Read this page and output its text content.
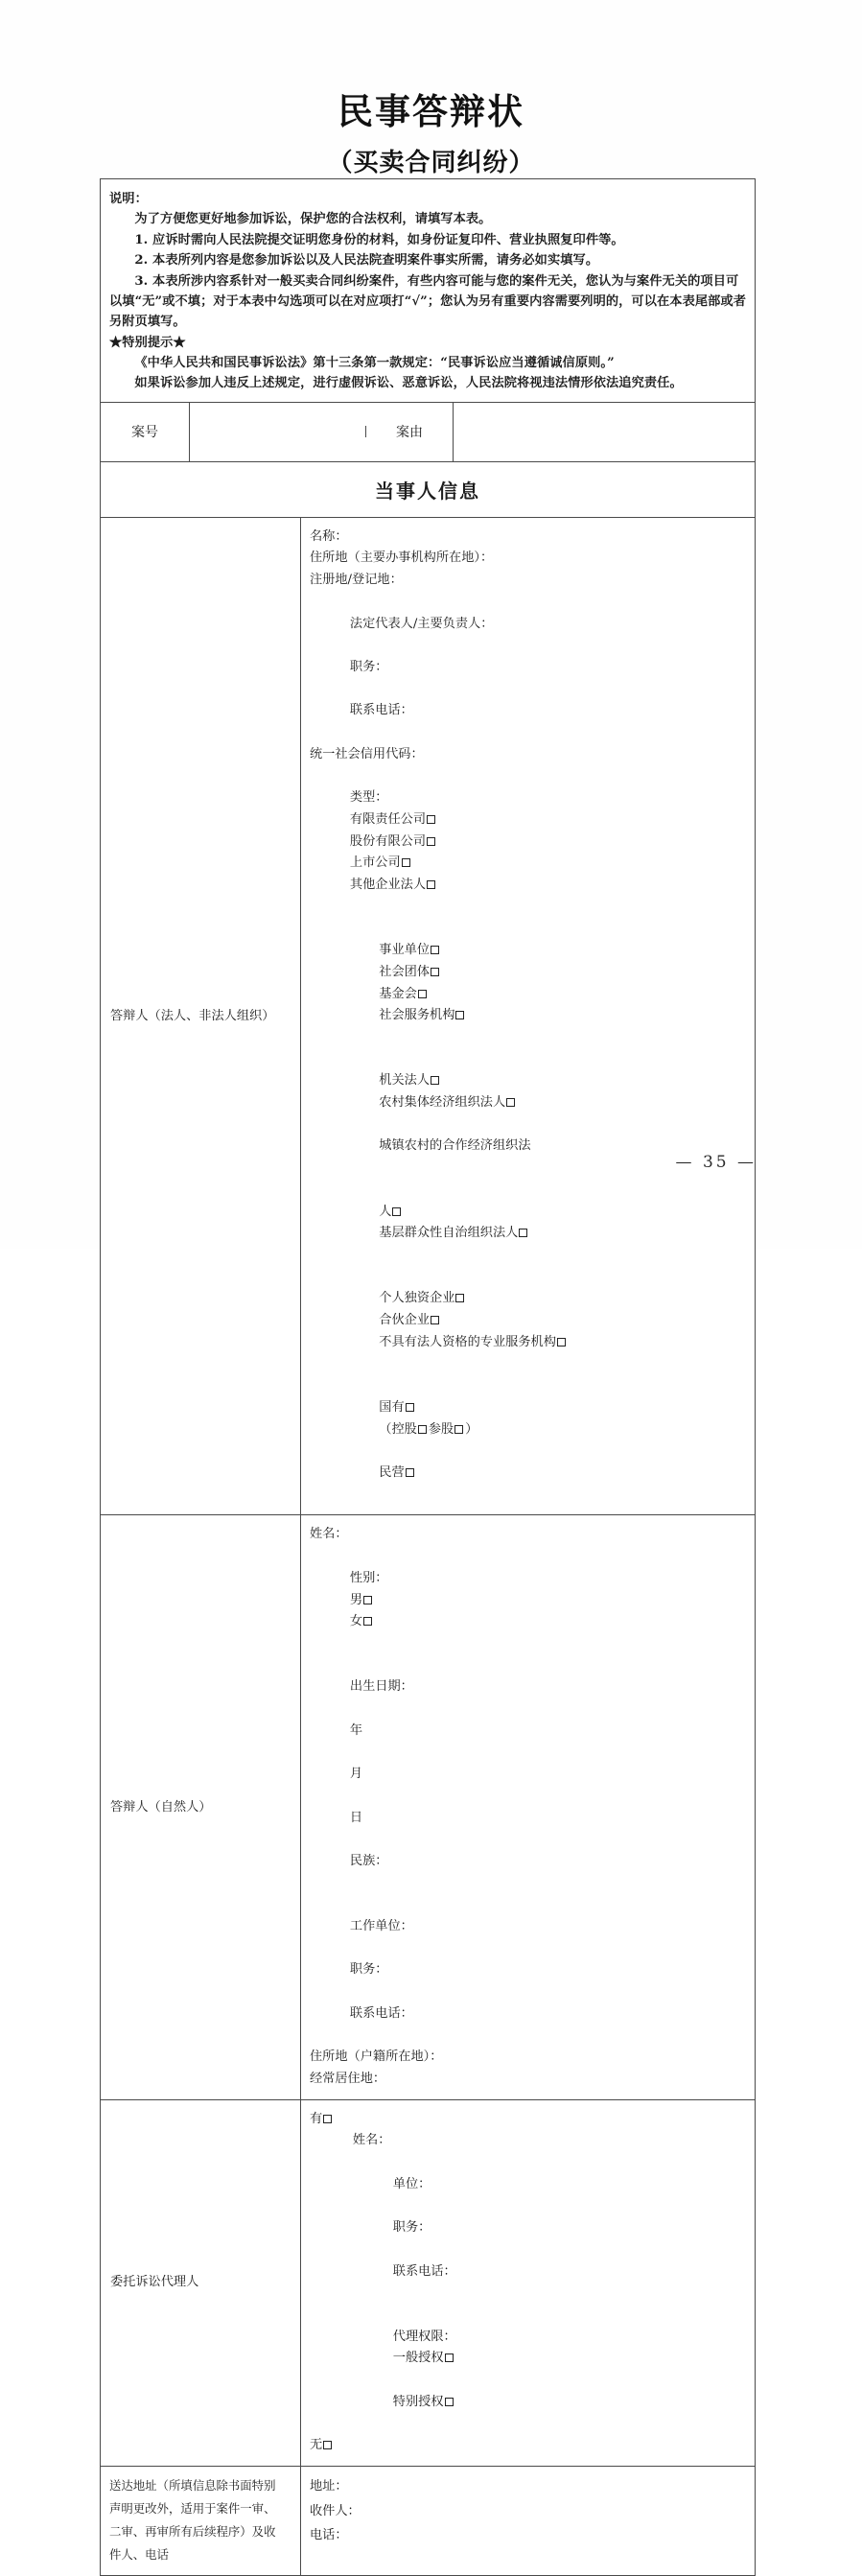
民事答辩状
（买卖合同纠纷）
说明：
为了方便您更好地参加诉讼，保护您的合法权利，请填写本表。
1. 应诉时需向人民法院提交证明您身份的材料，如身份证复印件、营业执照复印件等。
2. 本表所列内容是您参加诉讼以及人民法院查明案件事实所需，请务必如实填写。
3. 本表所涉内容系针对一般买卖合同纠纷案件，有些内容可能与您的案件无关，您认为与案件无关的项目可以填“无”或不填；对于本表中勾选项可以在对应项打“√”；您认为另有重要内容需要列明的，可以在本表尾部或者另附页填写。
★特别提示★
《中华人民共和国民事诉讼法》第十三条第一款规定：“民事诉讼应当遵循诚信原则。”
如果诉讼参加人违反上述规定，进行虚假诉讼、恶意诉讼，人民法院将视违法情形依法追究责任。
案号	案由
当事人信息
答辩人（法人、非法人组织）
名称：
住所地（主要办事机构所在地）：
注册地/登记地：

法定代表人/主要负责人：

职务：

联系电话：

统一社会信用代码：

类型：
有限责任公司
股份有限公司
上市公司
其他企业法人

事业单位
社会团体
基金会
社会服务机构

机关法人
农村集体经济组织法人

城镇农村的合作经济组织法

人
基层群众性自治组织法人

个人独资企业
合伙企业
不具有法人资格的专业服务机构

国有
（控股 参股 ）

民营

答辩人（自然人）
姓名：

性别：
男
女

出生日期：

年

月

日

民族：

工作单位：

职务：

联系电话：

住所地（户籍所在地）：
经常居住地：
委托诉讼代理人
有
姓名：

单位：

职务：

联系电话：

代理权限：
一般授权

特别授权

无
送达地址（所填信息除书面特别
声明更改外，适用于案件一审、
二审、再审所有后续程序）及收
件人、电话
地址：
收件人：
电话：
— 35 —
